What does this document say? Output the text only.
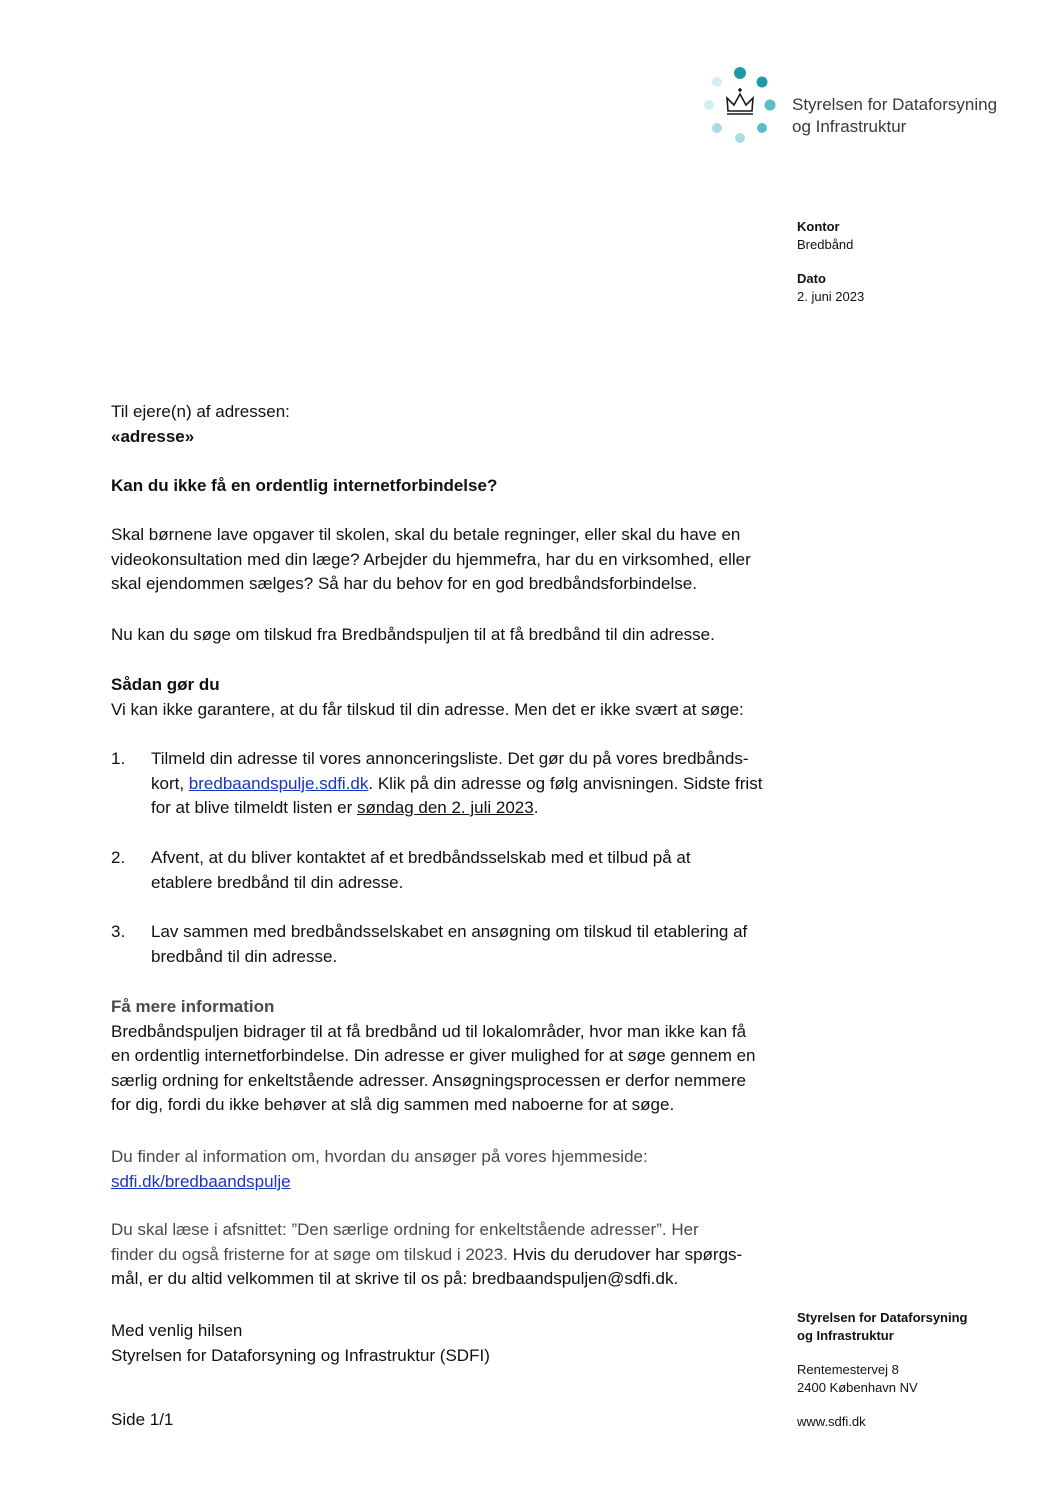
Styrelsen for Dataforsyning
og Infrastruktur
Kontor
Bredbånd
Dato
2. juni 2023
Til ejere(n) af adressen:
«adresse»
Kan du ikke få en ordentlig internetforbindelse?
Skal børnene lave opgaver til skolen, skal du betale regninger, eller skal du have en
videokonsultation med din læge? Arbejder du hjemmefra, har du en virksomhed, eller
skal ejendommen sælges? Så har du behov for en god bredbåndsforbindelse.
Nu kan du søge om tilskud fra Bredbåndspuljen til at få bredbånd til din adresse.
Sådan gør du
Vi kan ikke garantere, at du får tilskud til din adresse. Men det er ikke svært at søge:
1. Tilmeld din adresse til vores annonceringsliste. Det gør du på vores bredbånds-
kort, bredbaandspulje.sdfi.dk. Klik på din adresse og følg anvisningen. Sidste frist
for at blive tilmeldt listen er søndag den 2. juli 2023.
2. Afvent, at du bliver kontaktet af et bredbåndsselskab med et tilbud på at
etablere bredbånd til din adresse.
3. Lav sammen med bredbåndsselskabet en ansøgning om tilskud til etablering af
bredbånd til din adresse.
Få mere information
Bredbåndspuljen bidrager til at få bredbånd ud til lokalområder, hvor man ikke kan få
en ordentlig internetforbindelse. Din adresse er giver mulighed for at søge gennem en
særlig ordning for enkeltstående adresser. Ansøgningsprocessen er derfor nemmere
for dig, fordi du ikke behøver at slå dig sammen med naboerne for at søge.
Du finder al information om, hvordan du ansøger på vores hjemmeside:
sdfi.dk/bredbaandspulje
Du skal læse i afsnittet: ”Den særlige ordning for enkeltstående adresser”. Her
finder du også fristerne for at søge om tilskud i 2023. Hvis du derudover har spørgs-
mål, er du altid velkommen til at skrive til os på: bredbaandspuljen@sdfi.dk.
Med venlig hilsen
Styrelsen for Dataforsyning og Infrastruktur (SDFI)
Side 1/1
Styrelsen for Dataforsyning
og Infrastruktur
Rentemestervej 8
2400 København NV
www.sdfi.dk
